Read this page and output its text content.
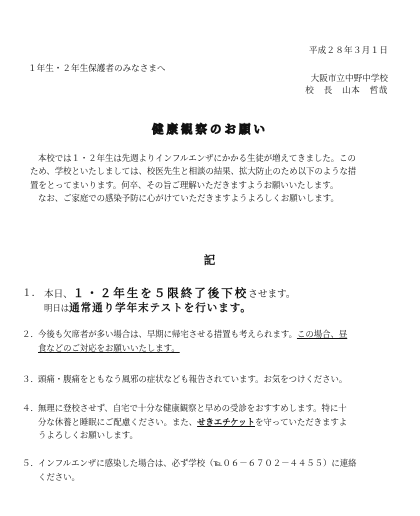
平成２８年３月１日
１年生・２年生保護者のみなさまへ
大阪市立中野中学校
校　長　山本　哲哉
健康観察のお願い

本校では１・２年生は先週よりインフルエンザにかかる生徒が増えてきました。この

ため、学校といたしましては、校医先生と相談の結果、拡大防止のため以下のような措

置をとってまいります。何卒、その旨ご理解いただきますようお願いいたします。

なお、ご家庭での感染予防に心がけていただきますようよろしくお願いします。

記
１． 本日、１・２年生を５限終了後下校させます。
明日は通常通り学年末テストを行います。
２． 今後も欠席者が多い場合は、早期に帰宅させる措置も考えられます。この場合、昼
食などのご対応をお願いいたします。
３． 頭痛・腹痛をともなう風邪の症状なども報告されています。お気をつけください。
４． 無理に登校させず、自宅で十分な健康観察と早めの受診をおすすめします。特に十
分な休養と睡眠にご配慮ください。また、せきエチケットを守っていただきますよ
うよろしくお願いします。
５． インフルエンザに感染した場合は、必ず学校（℡０６－６７０２－４４５５）に連絡
ください。
